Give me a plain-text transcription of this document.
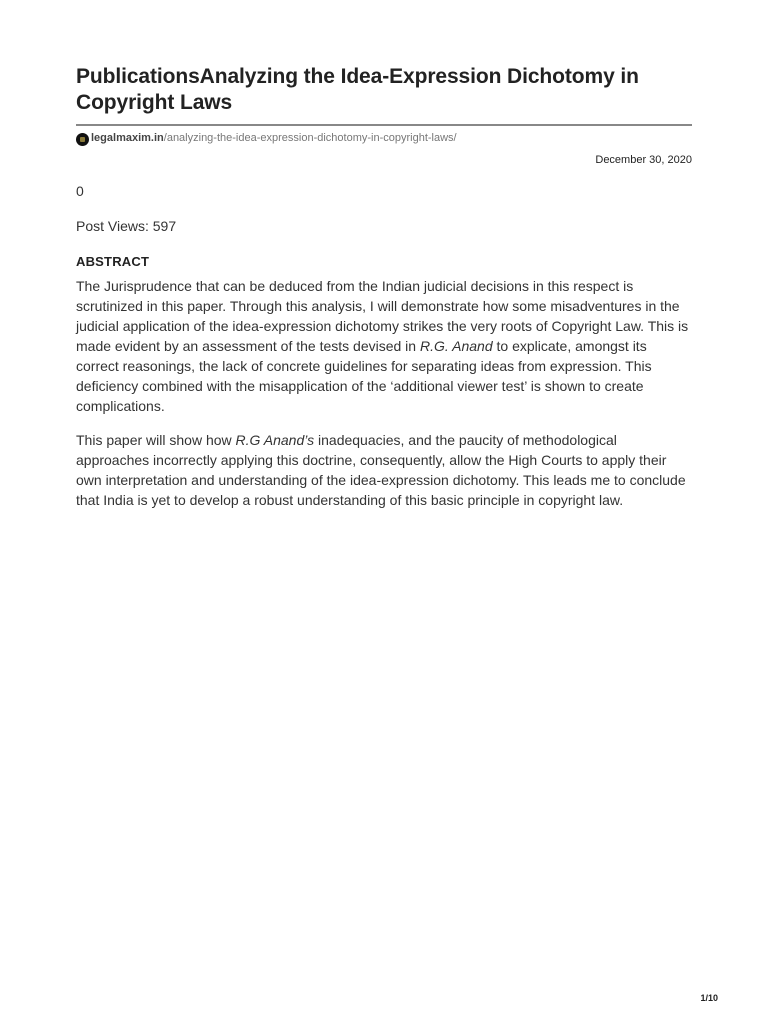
PublicationsAnalyzing the Idea-Expression Dichotomy in Copyright Laws
legalmaxim.in /analyzing-the-idea-expression-dichotomy-in-copyright-laws/
December 30, 2020
0
Post Views: 597
ABSTRACT

The Jurisprudence that can be deduced from the Indian judicial decisions in this respect is scrutinized in this paper. Through this analysis, I will demonstrate how some misadventures in the judicial application of the idea-expression dichotomy strikes the very roots of Copyright Law. This is made evident by an assessment of the tests devised in R.G. Anand to explicate, amongst its correct reasonings, the lack of concrete guidelines for separating ideas from expression. This deficiency combined with the misapplication of the ‘additional viewer test’ is shown to create complications.

This paper will show how R.G Anand’s inadequacies, and the paucity of methodological approaches incorrectly applying this doctrine, consequently, allow the High Courts to apply their own interpretation and understanding of the idea-expression dichotomy. This leads me to conclude that India is yet to develop a robust understanding of this basic principle in copyright law.

1/10
